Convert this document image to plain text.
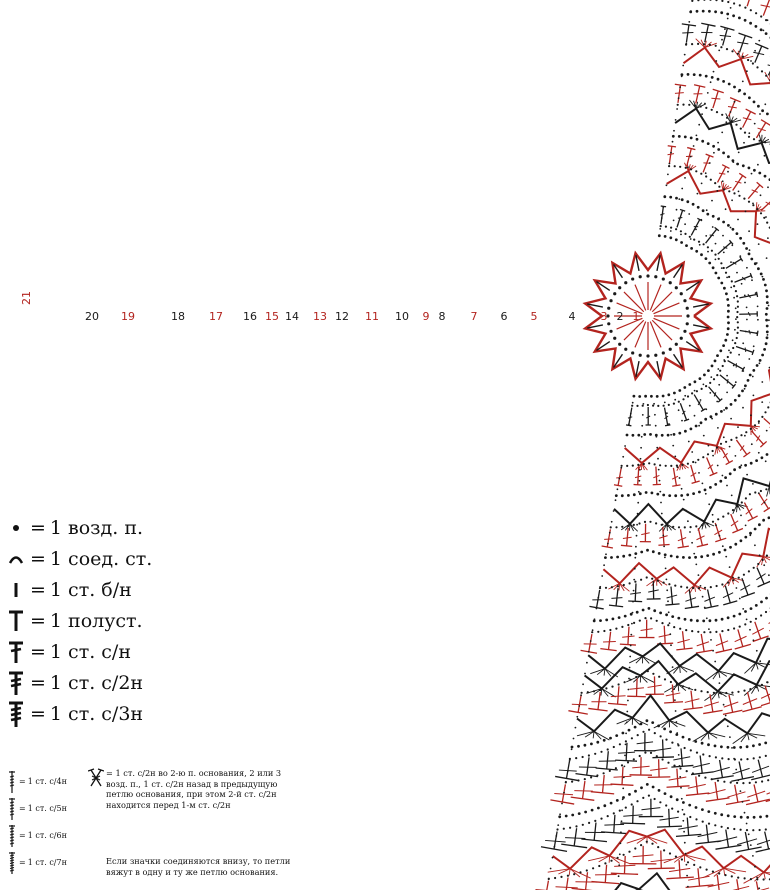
1
2
3
4
5
6
7
8
9
10
11
12
13
14
15
16
17
18
19
20
21
= 1 возд. п.
= 1 соед. ст.
= 1 ст. б/н
= 1 полуст.
= 1 ст. с/н
= 1 ст. с/2н
= 1 ст. с/3н
= 1 ст. с/4н
= 1 ст. с/5н
= 1 ст. с/6н
= 1 ст. с/7н
= 1 ст. с/2н во 2-ю п. основания, 2 или 3 возд. п., 1 ст. с/2н назад в предыдущую петлю основания, при этом 2-й ст. с/2н находится перед 1-м ст. с/2н
Если значки соединяются внизу, то петли вяжут в одну и ту же петлю основания.
